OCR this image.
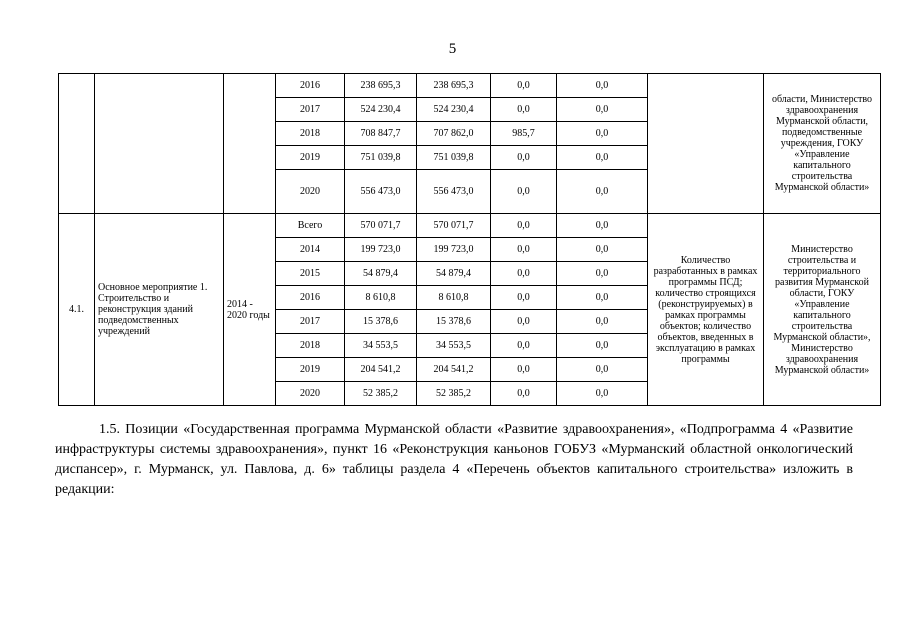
5
			2016	238 695,3	238 695,3	0,0	0,0		области, Министерство здравоохранения Мурманской области, подведомственные учреждения, ГОКУ «Управление капитального строительства Мурманской области»
			2017	524 230,4	524 230,4	0,0	0,0		
			2018	708 847,7	707 862,0	985,7	0,0		
			2019	751 039,8	751 039,8	0,0	0,0		
			2020	556 473,0	556 473,0	0,0	0,0		
4.1.	Основное мероприятие 1. Строительство и реконструкция зданий подведомственных учреждений	2014 - 2020 годы	Всего	570 071,7	570 071,7	0,0	0,0	Количество разработанных в рамках программы ПСД; количество строящихся (реконструируемых) в рамках программы объектов; количество объектов, введенных в эксплуатацию в рамках программы	Министерство строительства и территориального развития Мурманской области, ГОКУ «Управление капитального строительства Мурманской области», Министерство здравоохранения Мурманской области»
			2014	199 723,0	199 723,0	0,0	0,0		
			2015	54 879,4	54 879,4	0,0	0,0		
			2016	8 610,8	8 610,8	0,0	0,0		
			2017	15 378,6	15 378,6	0,0	0,0		
			2018	34 553,5	34 553,5	0,0	0,0		
			2019	204 541,2	204 541,2	0,0	0,0		
			2020	52 385,2	52 385,2	0,0	0,0		
1.5. Позиции «Государственная программа Мурманской области «Развитие здравоохранения», «Подпрограмма 4 «Развитие инфраструктуры системы здравоохранения», пункт 16 «Реконструкция каньонов ГОБУЗ «Мурманский областной онкологический диспансер», г. Мурманск, ул. Павлова, д. 6» таблицы раздела 4 «Перечень объектов капитального строительства» изложить в редакции:
